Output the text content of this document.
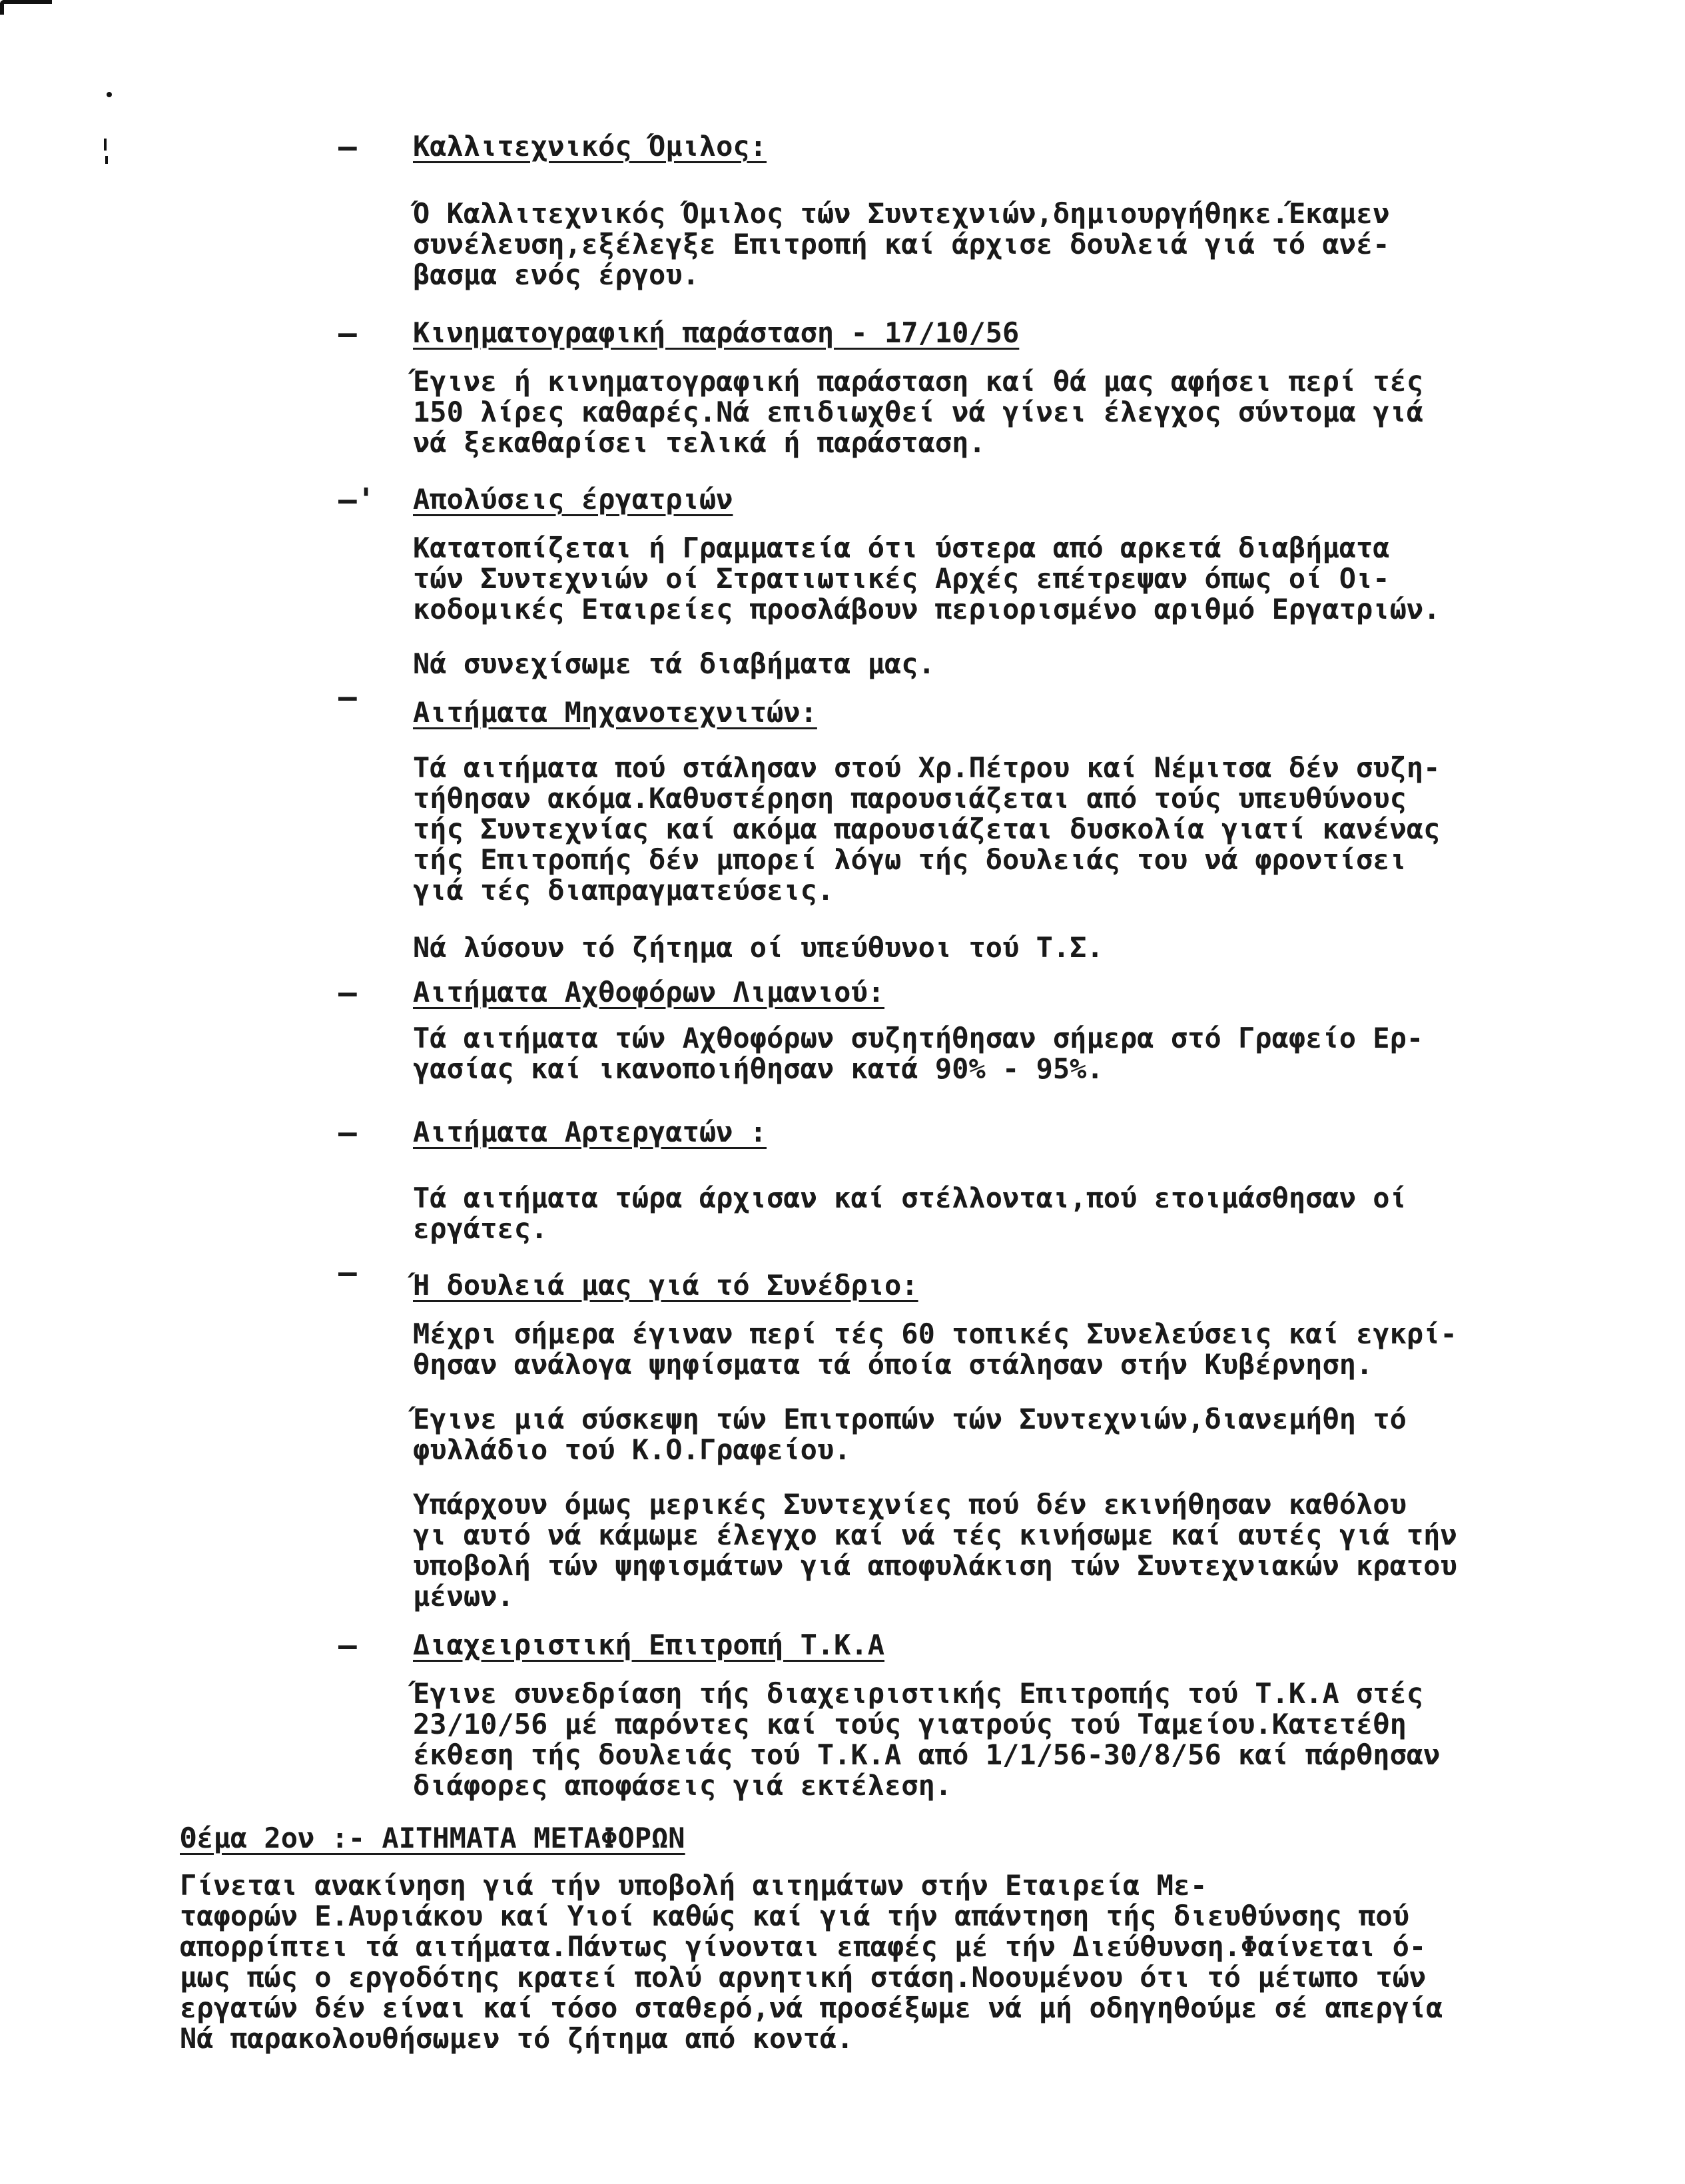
– Καλλιτεχνικός Όμιλος:
Ό Καλλιτεχνικός Όμιλος τών Συντεχνιών,δημιουργήθηκε.Έκαμεν
συνέλευση,εξέλεγξε Επιτροπή καί άρχισε δουλειά γιά τό ανέ-
βασμα ενός έργου.
– Κινηματογραφική παράσταση - 17/10/56
Έγινε ή κινηματογραφική παράσταση καί θά μας αφήσει περί τές
150 λίρες καθαρές.Νά επιδιωχθεί νά γίνει έλεγχος σύντομα γιά
νά ξεκαθαρίσει τελικά ή παράσταση.
–' Απολύσεις έργατριών
Κατατοπίζεται ή Γραμματεία ότι ύστερα από αρκετά διαβήματα
τών Συντεχνιών οί Στρατιωτικές Αρχές επέτρεψαν όπως οί Οι-
κοδομικές Εταιρείες προσλάβουν περιορισμένο αριθμό Εργατριών.
Νά συνεχίσωμε τά διαβήματα μας.
– Αιτήματα Μηχανοτεχνιτών:
Τά αιτήματα πού στάλησαν στού Χρ.Πέτρου καί Νέμιτσα δέν συζη-
τήθησαν ακόμα.Καθυστέρηση παρουσιάζεται από τούς υπευθύνους
τής Συντεχνίας καί ακόμα παρουσιάζεται δυσκολία γιατί κανένας
τής Επιτροπής δέν μπορεί λόγω τής δουλειάς του νά φροντίσει
γιά τές διαπραγματεύσεις.
Νά λύσουν τό ζήτημα οί υπεύθυνοι τού Τ.Σ.
– Αιτήματα Αχθοφόρων Λιμανιού:
Τά αιτήματα τών Αχθοφόρων συζητήθησαν σήμερα στό Γραφείο Ερ-
γασίας καί ικανοποιήθησαν κατά 90% - 95%.
– Αιτήματα Αρτεργατών :
Τά αιτήματα τώρα άρχισαν καί στέλλονται,πού ετοιμάσθησαν οί
εργάτες.
– Ή δουλειά μας γιά τό Συνέδριο:
Μέχρι σήμερα έγιναν περί τές 60 τοπικές Συνελεύσεις καί εγκρί-
θησαν ανάλογα ψηφίσματα τά όποία στάλησαν στήν Κυβέρνηση.
Έγινε μιά σύσκεψη τών Επιτροπών τών Συντεχνιών,διανεμήθη τό
φυλλάδιο τού Κ.Ο.Γραφείου.
Υπάρχουν όμως μερικές Συντεχνίες πού δέν εκινήθησαν καθόλου
γι αυτό νά κάμωμε έλεγχο καί νά τές κινήσωμε καί αυτές γιά τήν
υποβολή τών ψηφισμάτων γιά αποφυλάκιση τών Συντεχνιακών κρατου
μένων.
– Διαχειριστική Επιτροπή Τ.Κ.Α
Έγινε συνεδρίαση τής διαχειριστικής Επιτροπής τού Τ.Κ.Α στές
23/10/56 μέ παρόντες καί τούς γιατρούς τού Ταμείου.Κατετέθη
έκθεση τής δουλειάς τού Τ.Κ.Α από 1/1/56-30/8/56 καί πάρθησαν
διάφορες αποφάσεις γιά εκτέλεση.
Θέμα 2ον :- ΑΙΤΗΜΑΤΑ ΜΕΤΑΦΟΡΩΝ
Γίνεται ανακίνηση γιά τήν υποβολή αιτημάτων στήν Εταιρεία Με-
ταφορών Ε.Αυριάκου καί Υιοί καθώς καί γιά τήν απάντηση τής διευθύνσης πού
απορρίπτει τά αιτήματα.Πάντως γίνονται επαφές μέ τήν Διεύθυνση.Φαίνεται ό-
μως πώς ο εργοδότης κρατεί πολύ αρνητική στάση.Νοουμένου ότι τό μέτωπο τών
εργατών δέν είναι καί τόσο σταθερό,νά προσέξωμε νά μή οδηγηθούμε σέ απεργία
Νά παρακολουθήσωμεν τό ζήτημα από κοντά.
